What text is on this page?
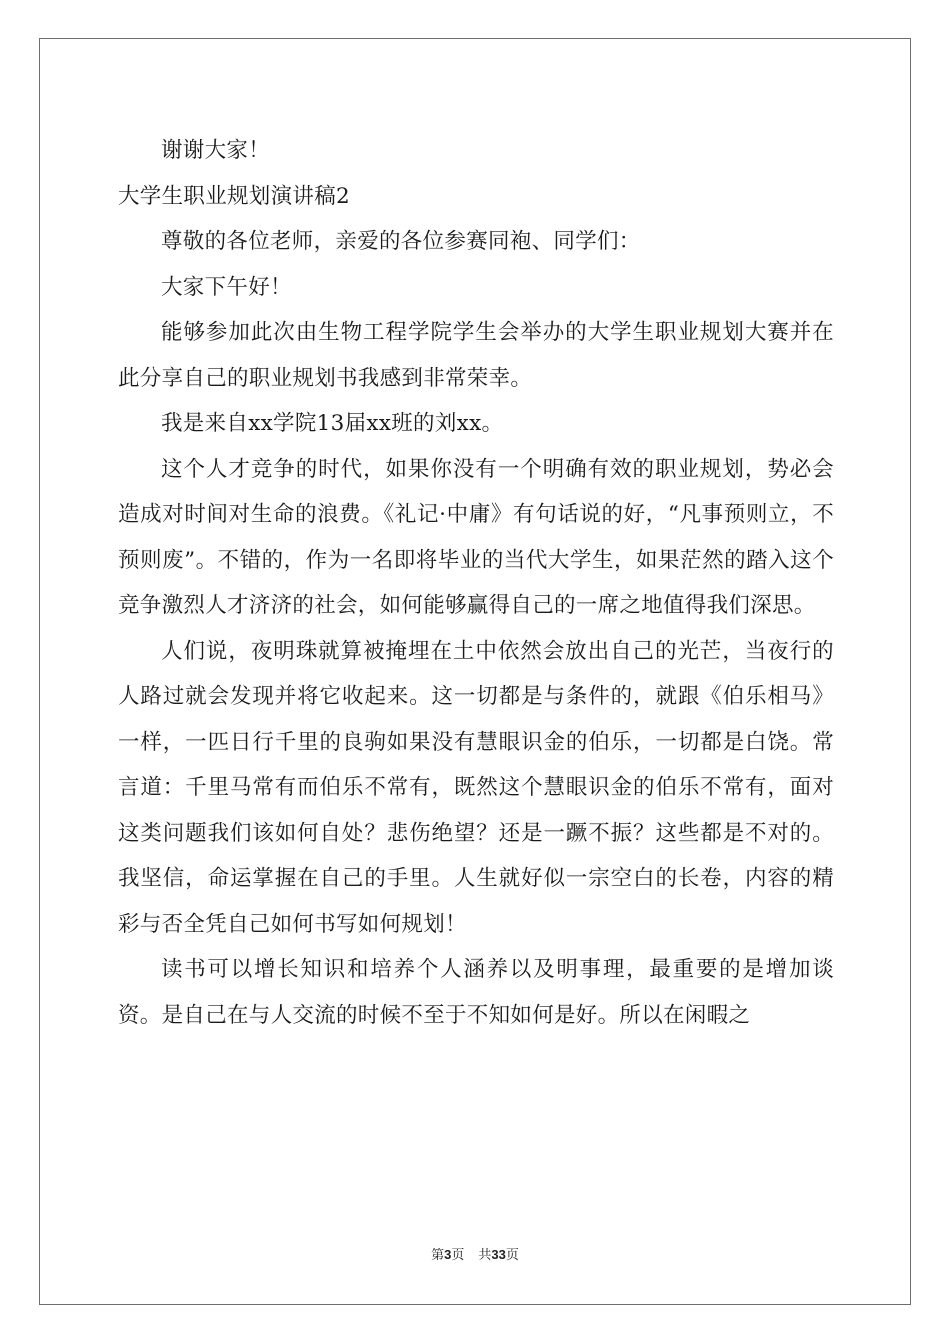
谢谢大家！

大学生职业规划演讲稿2

尊敬的各位老师，亲爱的各位参赛同袍、同学们：

大家下午好！

能够参加此次由生物工程学院学生会举办的大学生职业规划大赛并在此分享自己的职业规划书我感到非常荣幸。

我是来自xx学院13届xx班的刘xx。

这个人才竞争的时代，如果你没有一个明确有效的职业规划，势必会造成对时间对生命的浪费。《礼记·中庸》有句话说的好，“凡事预则立，不预则废”。不错的，作为一名即将毕业的当代大学生，如果茫然的踏入这个竞争激烈人才济济的社会，如何能够赢得自己的一席之地值得我们深思。

人们说，夜明珠就算被掩埋在土中依然会放出自己的光芒，当夜行的人路过就会发现并将它收起来。这一切都是与条件的，就跟《伯乐相马》一样，一匹日行千里的良驹如果没有慧眼识金的伯乐，一切都是白饶。常言道：千里马常有而伯乐不常有，既然这个慧眼识金的伯乐不常有，面对这类问题我们该如何自处？悲伤绝望？还是一蹶不振？这些都是不对的。我坚信，命运掌握在自己的手里。人生就好似一宗空白的长卷，内容的精彩与否全凭自己如何书写如何规划！

读书可以增长知识和培养个人涵养以及明事理，最重要的是增加谈资。是自己在与人交流的时候不至于不知如何是好。所以在闲暇之

第3页 共33页
